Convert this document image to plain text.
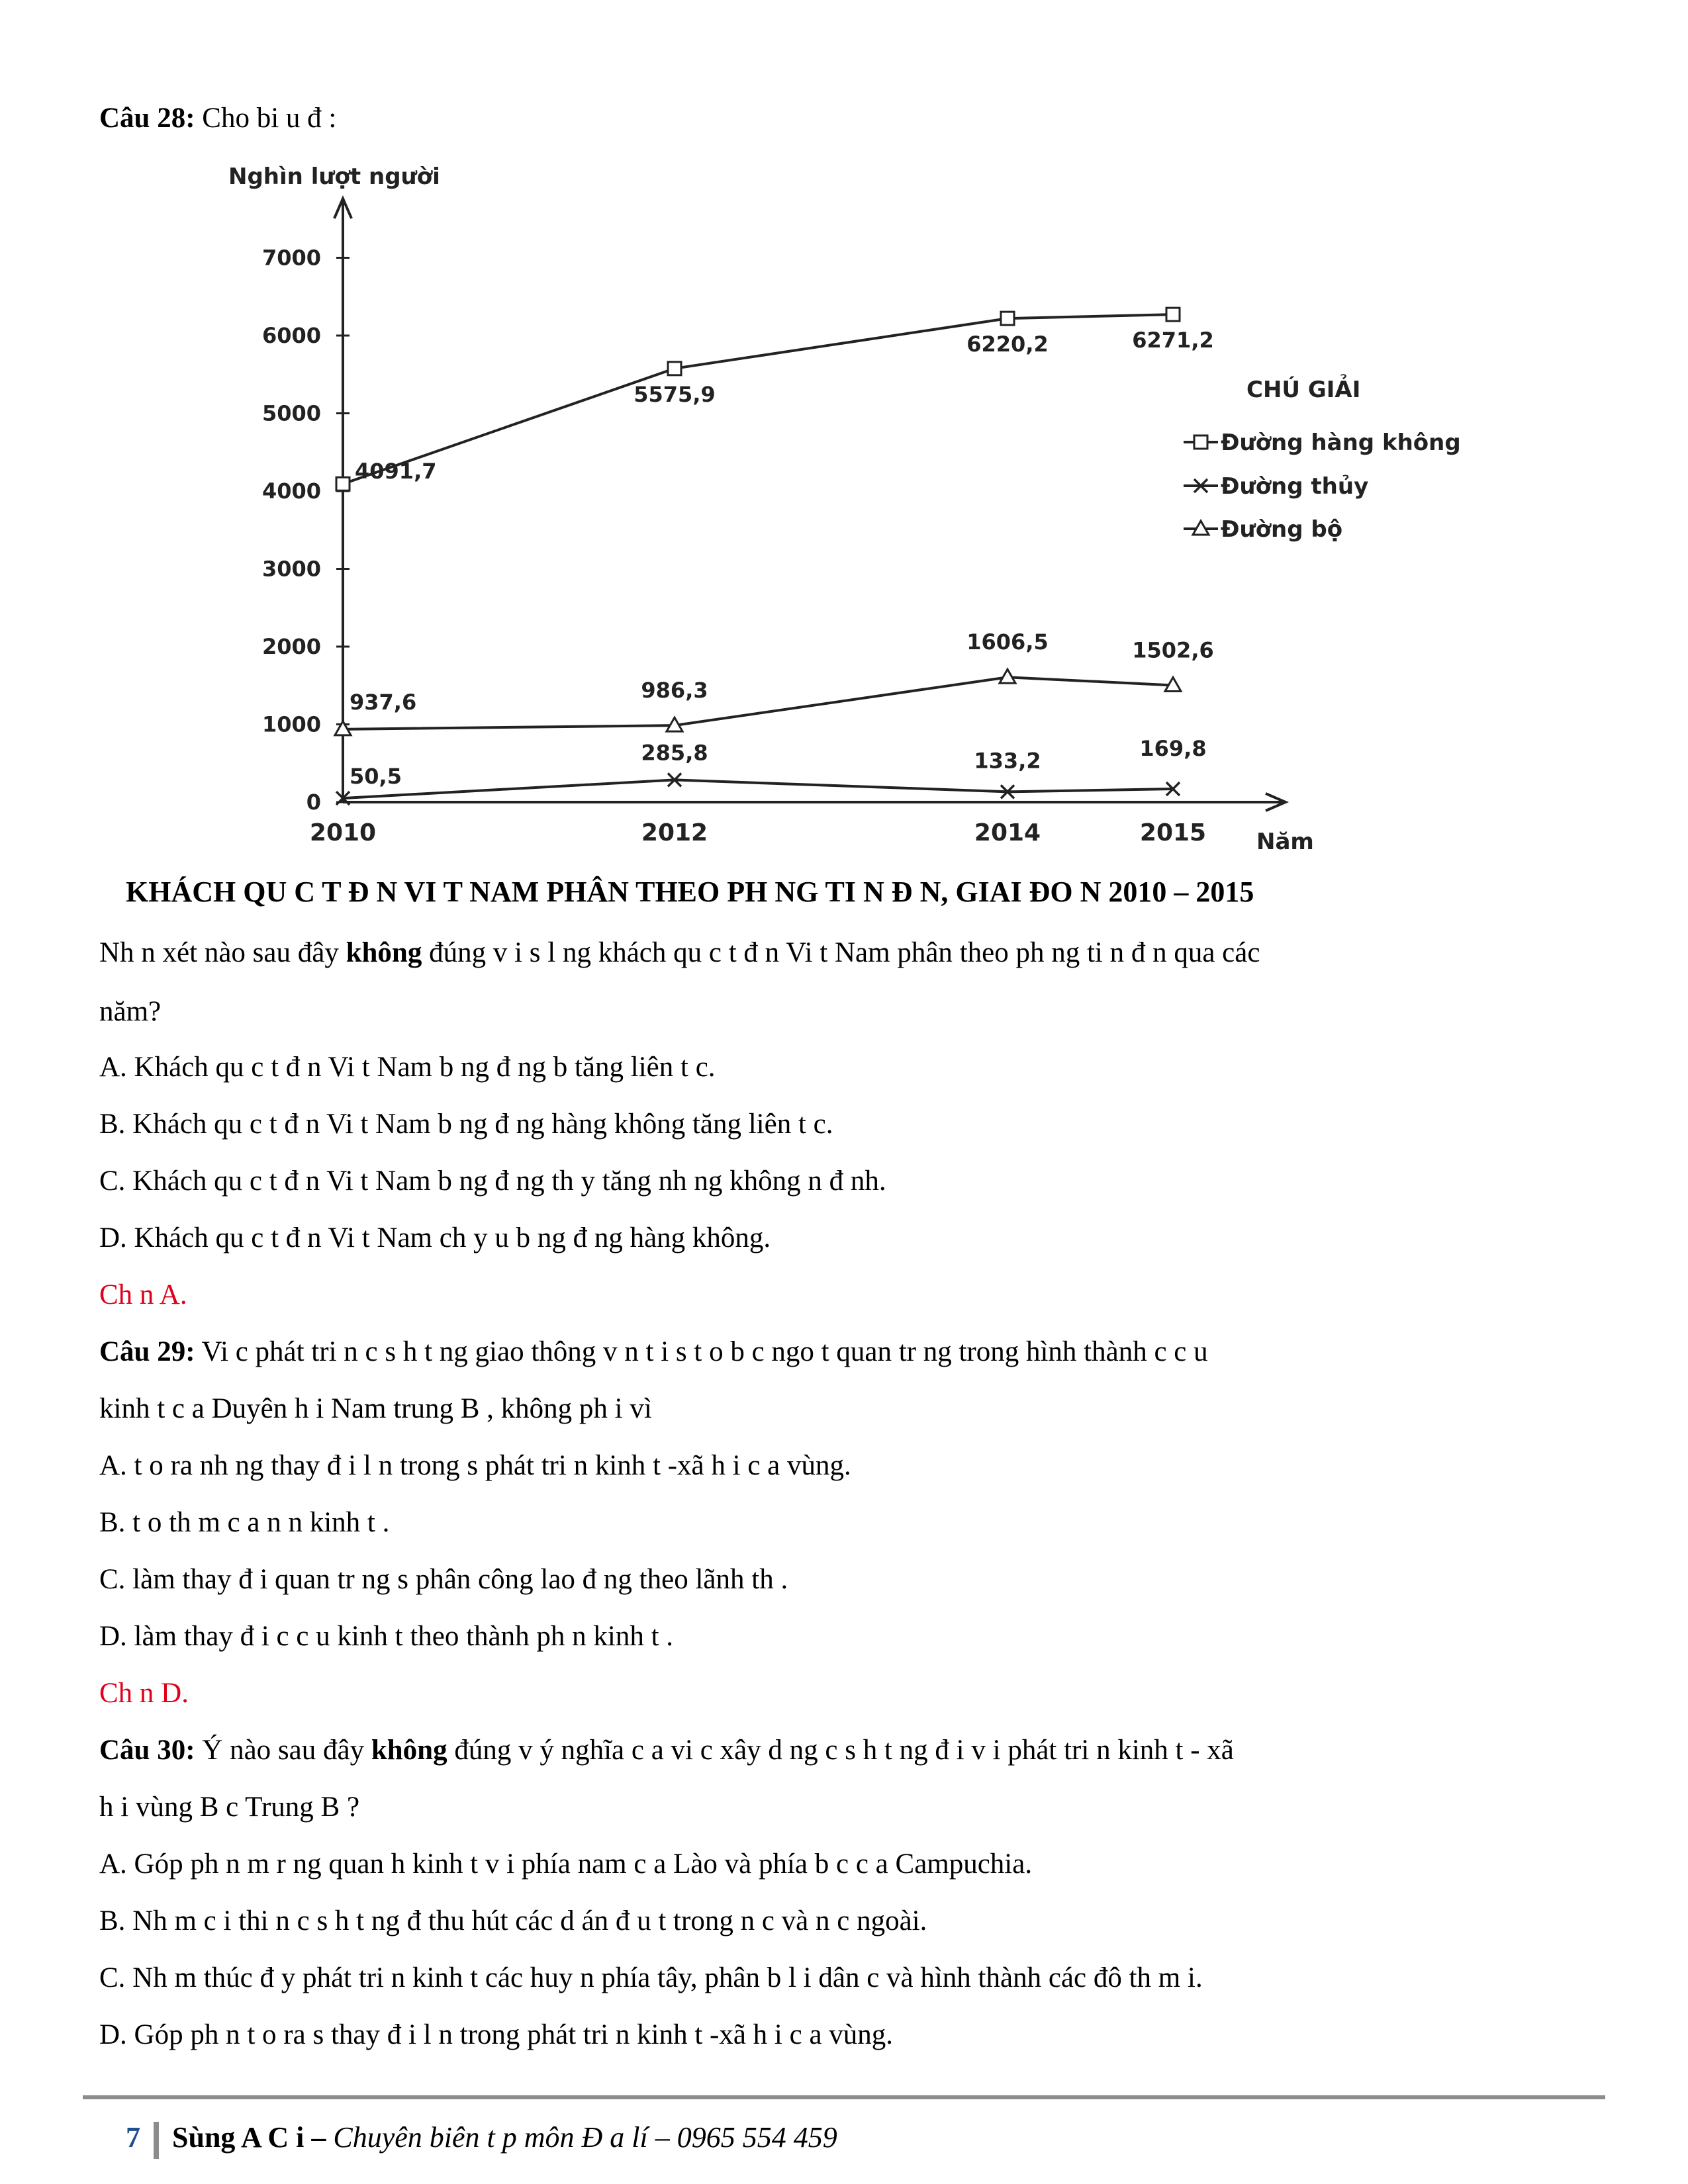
Câu 28: Cho bi u đ :
0
1000
2000
3000
4000
5000
6000
7000
2010	2012	2014	2015
Nghìn lượt người
Năm
4091,7
5575,9
6220,2	6271,2
50,5
285,8	133,2	169,8
937,6	986,3
1606,5	1502,6
CHÚ GIẢI
Đường hàng không
Đường thủy
Đường bộ
KHÁCH QU C T Đ N VI T NAM PHÂN THEO PH NG TI N Đ N, GIAI ĐO N 2010 – 2015
Nh n xét nào sau đây không đúng v i s l ng khách qu c t đ n Vi t Nam phân theo ph ng ti n đ n qua các
năm?
A. Khách qu c t đ n Vi t Nam b ng đ ng b tăng liên t c.
B. Khách qu c t đ n Vi t Nam b ng đ ng hàng không tăng liên t c.
C. Khách qu c t đ n Vi t Nam b ng đ ng th y tăng nh ng không n đ nh.
D. Khách qu c t đ n Vi t Nam ch y u b ng đ ng hàng không.
Ch n A.
Câu 29: Vi c phát tri n c s h t ng giao thông v n t i s t o b c ngo t quan tr ng trong hình thành c c u
kinh t c a Duyên h i Nam trung B , không ph i vì
A. t o ra nh ng thay đ i l n trong s phát tri n kinh t -xã h i c a vùng.
B. t o th m c a n n kinh t .
C. làm thay đ i quan tr ng s phân công lao đ ng theo lãnh th .
D. làm thay đ i c c u kinh t theo thành ph n kinh t .
Ch n D.
Câu 30: Ý nào sau đây không đúng v ý nghĩa c a vi c xây d ng c s h t ng đ i v i phát tri n kinh t - xã
h i vùng B c Trung B ?
A. Góp ph n m r ng quan h kinh t v i phía nam c a Lào và phía b c c a Campuchia.
B. Nh m c i thi n c s h t ng đ thu hút các d án đ u t trong n c và n c ngoài.
C. Nh m thúc đ y phát tri n kinh t các huy n phía tây, phân b l i dân c và hình thành các đô th m i.
D. Góp ph n t o ra s thay đ i l n trong phát tri n kinh t -xã h i c a vùng.
7 Sùng A C i – Chuyên biên t p môn Đ a lí – 0965 554 459
